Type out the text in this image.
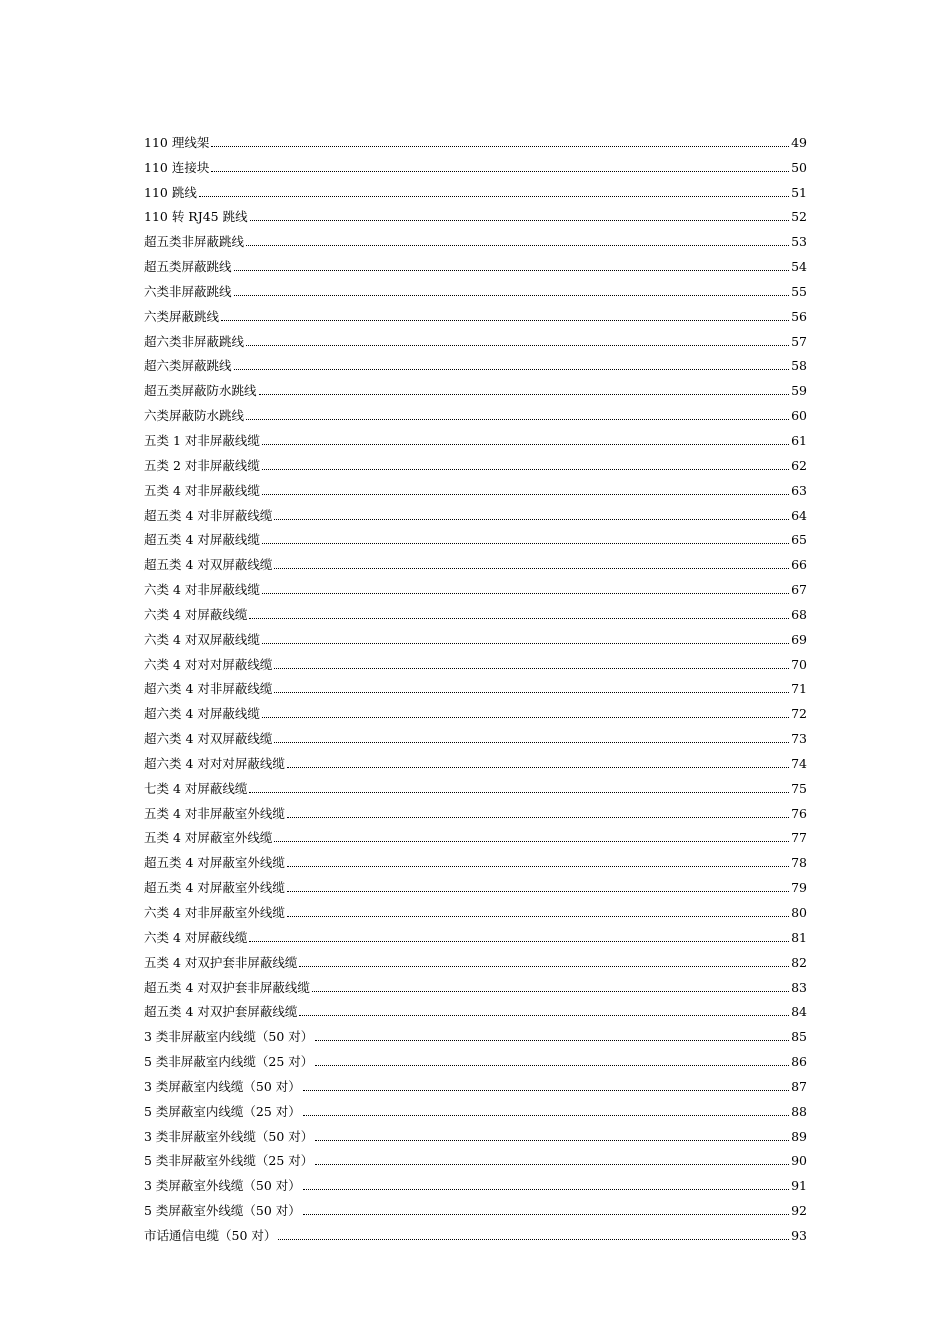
110 理线架	49
110 连接块	50
110 跳线	51
110 转 RJ45 跳线	52
超五类非屏蔽跳线	53
超五类屏蔽跳线	54
六类非屏蔽跳线	55
六类屏蔽跳线	56
超六类非屏蔽跳线	57
超六类屏蔽跳线	58
超五类屏蔽防水跳线	59
六类屏蔽防水跳线	60
五类 1 对非屏蔽线缆	61
五类 2 对非屏蔽线缆	62
五类 4 对非屏蔽线缆	63
超五类 4 对非屏蔽线缆	64
超五类 4 对屏蔽线缆	65
超五类 4 对双屏蔽线缆	66
六类 4 对非屏蔽线缆	67
六类 4 对屏蔽线缆	68
六类 4 对双屏蔽线缆	69
六类 4 对对对屏蔽线缆	70
超六类 4 对非屏蔽线缆	71
超六类 4 对屏蔽线缆	72
超六类 4 对双屏蔽线缆	73
超六类 4 对对对屏蔽线缆	74
七类 4 对屏蔽线缆	75
五类 4 对非屏蔽室外线缆	76
五类 4 对屏蔽室外线缆	77
超五类 4 对屏蔽室外线缆	78
超五类 4 对屏蔽室外线缆	79
六类 4 对非屏蔽室外线缆	80
六类 4 对屏蔽线缆	81
五类 4 对双护套非屏蔽线缆	82
超五类 4 对双护套非屏蔽线缆	83
超五类 4 对双护套屏蔽线缆	84
3 类非屏蔽室内线缆（50 对）	85
5 类非屏蔽室内线缆（25 对）	86
3 类屏蔽室内线缆（50 对）	87
5 类屏蔽室内线缆（25 对）	88
3 类非屏蔽室外线缆（50 对）	89
5 类非屏蔽室外线缆（25 对）	90
3 类屏蔽室外线缆（50 对）	91
5 类屏蔽室外线缆（50 对）	92
市话通信电缆（50 对）	93
